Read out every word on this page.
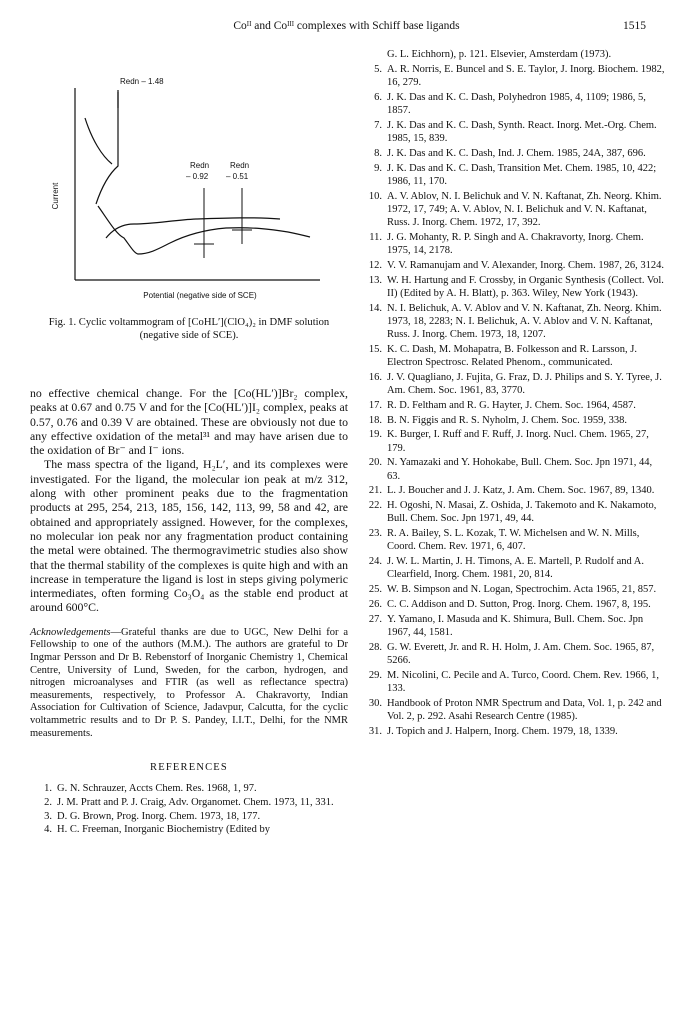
Coᴵᴵ and Coᴵᴵᴵ complexes with Schiff base ligands	1515
Current
Redn – 1.48
Redn
– 0.92
Redn
– 0.51
Potential (negative side of SCE)
Fig. 1. Cyclic voltammogram of [CoHL′](ClO₄)₂ in DMF solution (negative side of SCE).

no effective chemical change. For the [Co(HL′)]Br₂ complex, peaks at 0.67 and 0.75 V and for the [Co(HL′)]I₂ complex, peaks at 0.57, 0.76 and 0.39 V are obtained. These are obviously not due to any effective oxidation of the metal³¹ and may have arisen due to the oxidation of Br⁻ and I⁻ ions.

The mass spectra of the ligand, H₂L′, and its complexes were investigated. For the ligand, the molecular ion peak at m/z 312, along with other prominent peaks due to the fragmentation products at 295, 254, 213, 185, 156, 142, 113, 99, 58 and 42, are obtained and appropriately assigned. However, for the complexes, no molecular ion peak nor any fragmentation product containing the metal were obtained. The thermogravimetric studies also show that the thermal stability of the complexes is quite high and with an increase in temperature the ligand is lost in steps giving polymeric intermediates, often forming Co₃O₄ as the stable end product at around 600°C.

Acknowledgements—Grateful thanks are due to UGC, New Delhi for a Fellowship to one of the authors (M.M.). The authors are grateful to Dr Ingmar Persson and Dr B. Rebenstorf of Inorganic Chemistry 1, Chemical Centre, University of Lund, Sweden, for the carbon, hydrogen, and nitrogen microanalyses and FTIR (as well as reflectance spectra) measurements, respectively, to Professor A. Chakravorty, Indian Association for Cultivation of Science, Jadavpur, Calcutta, for the cyclic voltammetric results and to Dr P. S. Pandey, I.I.T., Delhi, for the NMR measurements.
REFERENCES
1. G. N. Schrauzer, Accts Chem. Res. 1968, 1, 97.
2. J. M. Pratt and P. J. Craig, Adv. Organomet. Chem. 1973, 11, 331.
3. D. G. Brown, Prog. Inorg. Chem. 1973, 18, 177.
4. H. C. Freeman, Inorganic Biochemistry (Edited by
G. L. Eichhorn), p. 121. Elsevier, Amsterdam (1973).
5. A. R. Norris, E. Buncel and S. E. Taylor, J. Inorg. Biochem. 1982, 16, 279.
6. J. K. Das and K. C. Dash, Polyhedron 1985, 4, 1109; 1986, 5, 1857.
7. J. K. Das and K. C. Dash, Synth. React. Inorg. Met.-Org. Chem. 1985, 15, 839.
8. J. K. Das and K. C. Dash, Ind. J. Chem. 1985, 24A, 387, 696.
9. J. K. Das and K. C. Dash, Transition Met. Chem. 1985, 10, 422; 1986, 11, 170.
10. A. V. Ablov, N. I. Belichuk and V. N. Kaftanat, Zh. Neorg. Khim. 1972, 17, 749; A. V. Ablov, N. I. Belichuk and V. N. Kaftanat, Russ. J. Inorg. Chem. 1972, 17, 392.
11. J. G. Mohanty, R. P. Singh and A. Chakravorty, Inorg. Chem. 1975, 14, 2178.
12. V. V. Ramanujam and V. Alexander, Inorg. Chem. 1987, 26, 3124.
13. W. H. Hartung and F. Crossby, in Organic Synthesis (Collect. Vol. II) (Edited by A. H. Blatt), p. 363. Wiley, New York (1943).
14. N. I. Belichuk, A. V. Ablov and V. N. Kaftanat, Zh. Neorg. Khim. 1973, 18, 2283; N. I. Belichuk, A. V. Ablov and V. N. Kaftanat, Russ. J. Inorg. Chem. 1973, 18, 1207.
15. K. C. Dash, M. Mohapatra, B. Folkesson and R. Larsson, J. Electron Spectrosc. Related Phenom., communicated.
16. J. V. Quagliano, J. Fujita, G. Fraz, D. J. Philips and S. Y. Tyree, J. Am. Chem. Soc. 1961, 83, 3770.
17. R. D. Feltham and R. G. Hayter, J. Chem. Soc. 1964, 4587.
18. B. N. Figgis and R. S. Nyholm, J. Chem. Soc. 1959, 338.
19. K. Burger, I. Ruff and F. Ruff, J. Inorg. Nucl. Chem. 1965, 27, 179.
20. N. Yamazaki and Y. Hohokabe, Bull. Chem. Soc. Jpn 1971, 44, 63.
21. L. J. Boucher and J. J. Katz, J. Am. Chem. Soc. 1967, 89, 1340.
22. H. Ogoshi, N. Masai, Z. Oshida, J. Takemoto and K. Nakamoto, Bull. Chem. Soc. Jpn 1971, 49, 44.
23. R. A. Bailey, S. L. Kozak, T. W. Michelsen and W. N. Mills, Coord. Chem. Rev. 1971, 6, 407.
24. J. W. L. Martin, J. H. Timons, A. E. Martell, P. Rudolf and A. Clearfield, Inorg. Chem. 1981, 20, 814.
25. W. B. Simpson and N. Logan, Spectrochim. Acta 1965, 21, 857.
26. C. C. Addison and D. Sutton, Prog. Inorg. Chem. 1967, 8, 195.
27. Y. Yamano, I. Masuda and K. Shimura, Bull. Chem. Soc. Jpn 1967, 44, 1581.
28. G. W. Everett, Jr. and R. H. Holm, J. Am. Chem. Soc. 1965, 87, 5266.
29. M. Nicolini, C. Pecile and A. Turco, Coord. Chem. Rev. 1966, 1, 133.
30. Handbook of Proton NMR Spectrum and Data, Vol. 1, p. 242 and Vol. 2, p. 292. Asahi Research Centre (1985).
31. J. Topich and J. Halpern, Inorg. Chem. 1979, 18, 1339.
